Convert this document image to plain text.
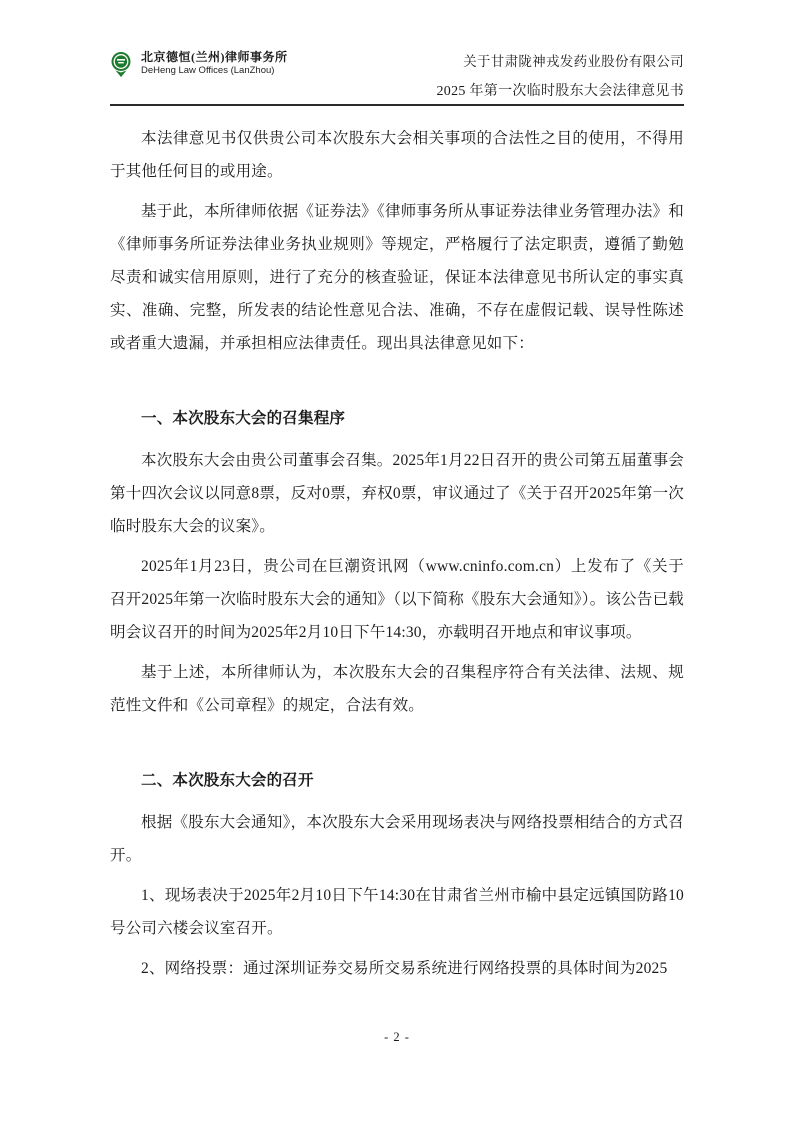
北京德恒(兰州)律师事务所
DeHeng Law Offices (LanZhou)
关于甘肃陇神戎发药业股份有限公司
2025 年第一次临时股东大会法律意见书

本法律意见书仅供贵公司本次股东大会相关事项的合法性之目的使用，不得用于其他任何目的或用途。

基于此，本所律师依据《证券法》《律师事务所从事证券法律业务管理办法》和《律师事务所证券法律业务执业规则》等规定，严格履行了法定职责，遵循了勤勉尽责和诚实信用原则，进行了充分的核查验证，保证本法律意见书所认定的事实真实、准确、完整，所发表的结论性意见合法、准确，不存在虚假记载、误导性陈述或者重大遗漏，并承担相应法律责任。现出具法律意见如下：

一、本次股东大会的召集程序

本次股东大会由贵公司董事会召集。2025年1月22日召开的贵公司第五届董事会第十四次会议以同意8票，反对0票，弃权0票，审议通过了《关于召开2025年第一次临时股东大会的议案》。

2025年1月23日，贵公司在巨潮资讯网（www.cninfo.com.cn）上发布了《关于召开2025年第一次临时股东大会的通知》（以下简称《股东大会通知》）。该公告已载明会议召开的时间为2025年2月10日下午14:30，亦载明召开地点和审议事项。

基于上述，本所律师认为，本次股东大会的召集程序符合有关法律、法规、规范性文件和《公司章程》的规定，合法有效。

二、本次股东大会的召开

根据《股东大会通知》，本次股东大会采用现场表决与网络投票相结合的方式召开。

1、现场表决于2025年2月10日下午14:30在甘肃省兰州市榆中县定远镇国防路10号公司六楼会议室召开。

2、网络投票：通过深圳证券交易所交易系统进行网络投票的具体时间为2025

- 2 -
